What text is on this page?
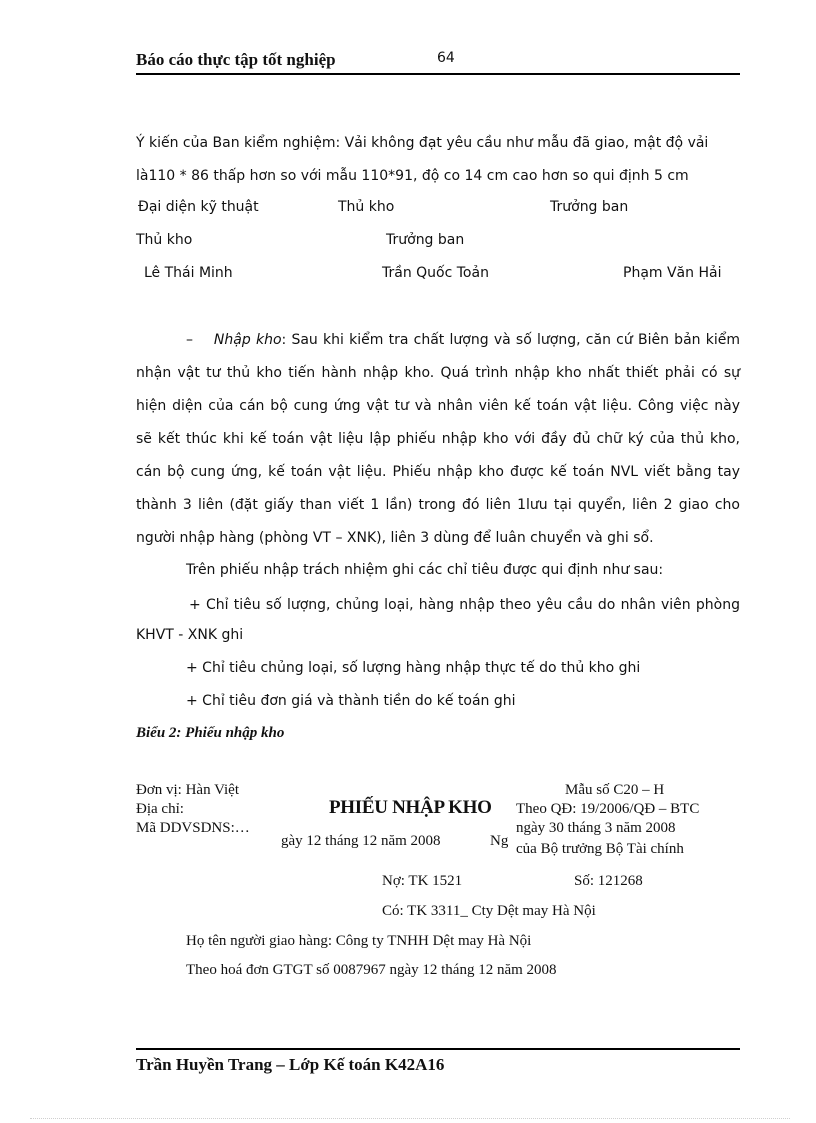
Báo cáo thực tập tốt nghiệp	64
Ý kiến của Ban kiểm nghiệm: Vải không đạt yêu cầu như mẫu đã giao, mật độ vải
là110 * 86 thấp hơn so với mẫu 110*91, độ co 14 cm cao hơn so qui định 5 cm
Đại diện kỹ thuật	Thủ kho	Trưởng ban
Thủ kho	Trưởng ban
Lê Thái Minh	Trần Quốc Toản	Phạm Văn Hải
– Nhập kho: Sau khi kiểm tra chất lượng và số lượng, căn cứ Biên bản kiểm
nhận vật tư thủ kho tiến hành nhập kho. Quá trình nhập kho nhất thiết phải có sự
hiện diện của cán bộ cung ứng vật tư và nhân viên kế toán vật liệu. Công việc này
sẽ kết thúc khi kế toán vật liệu lập phiếu nhập kho với đầy đủ chữ ký của thủ kho,
cán bộ cung ứng, kế toán vật liệu. Phiếu nhập kho được kế toán NVL viết bằng tay
thành 3 liên (đặt giấy than viết 1 lần) trong đó liên 1lưu tại quyển, liên 2 giao cho
người nhập hàng (phòng VT – XNK), liên 3 dùng để luân chuyển và ghi sổ.
Trên phiếu nhập trách nhiệm ghi các chỉ tiêu được qui định như sau:
+ Chỉ tiêu số lượng, chủng loại, hàng nhập theo yêu cầu do nhân viên phòng
KHVT - XNK ghi
+ Chỉ tiêu chủng loại, số lượng hàng nhập thực tế do thủ kho ghi
+ Chỉ tiêu đơn giá và thành tiền do kế toán ghi
Biểu 2: Phiếu nhập kho
Đơn vị: Hàn Việt
Địa chỉ:
Mã DDVSDNS:…
PHIẾU NHẬP KHO
gày 12 tháng 12 năm 2008	Ng
Mẫu số C20 – H
Theo QĐ: 19/2006/QĐ – BTC
ngày 30 tháng 3 năm 2008
của Bộ trưởng Bộ Tài chính
Nợ: TK 1521	Số: 121268
Có: TK 3311_ Cty Dệt may Hà Nội
Họ tên người giao hàng: Công ty TNHH Dệt may Hà Nội
Theo hoá đơn GTGT số 0087967 ngày 12 tháng 12 năm 2008
Trần Huyền Trang – Lớp Kế toán K42A16
